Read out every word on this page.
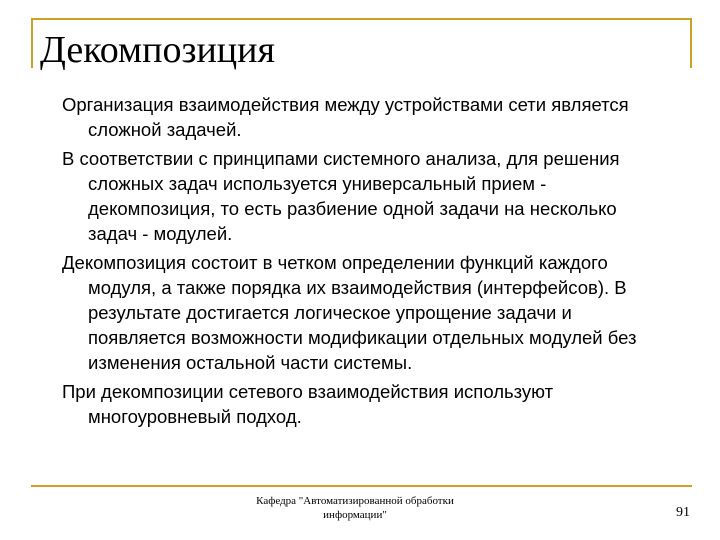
Декомпозиция

Организация взаимодействия между устройствами сети является сложной задачей.

В соответствии с принципами системного анализа, для решения сложных задач используется универсальный прием - декомпозиция, то есть разбиение одной задачи на несколько задач - модулей.

Декомпозиция состоит в четком определении функций каждого модуля, а также порядка их взаимодействия (интерфейсов). В результате достигается логическое упрощение задачи и появляется возможности модификации отдельных модулей без изменения остальной части системы.

При декомпозиции сетевого взаимодействия используют многоуровневый подход.

Кафедра "Автоматизированной обработки
информации"	91
